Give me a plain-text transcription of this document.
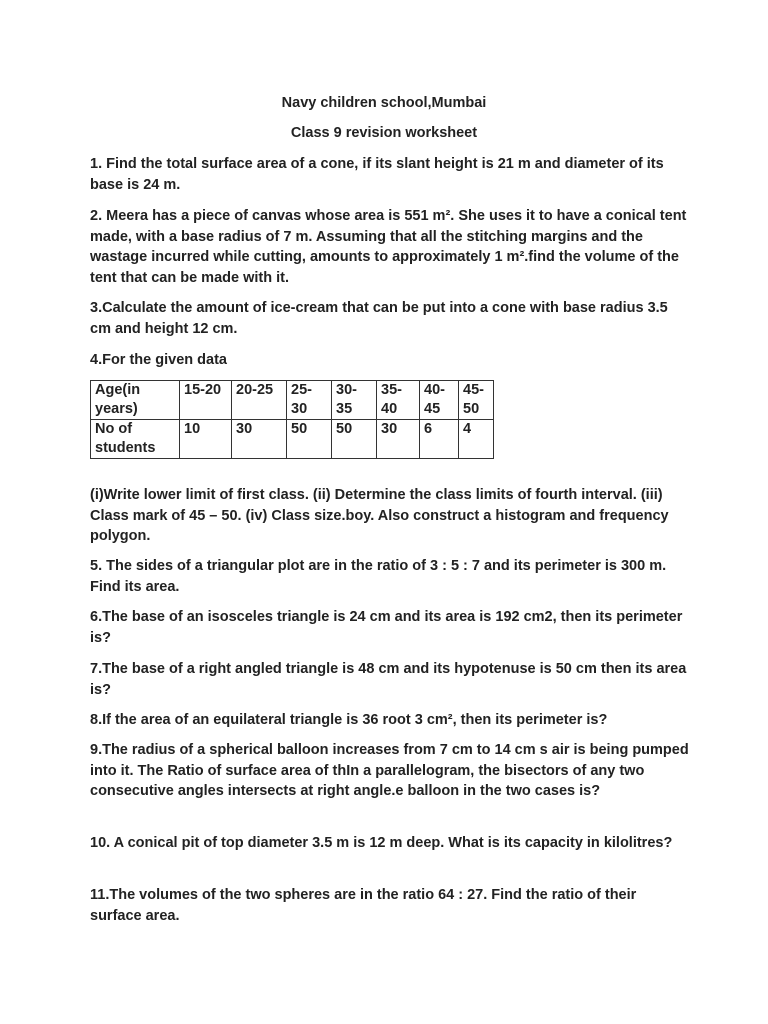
Navy children school,Mumbai
Class 9 revision worksheet

1. Find the total surface area of a cone, if its slant height is 21 m and diameter of its base is 24 m.

2. Meera has a piece of canvas whose area is 551 m². She uses it to have a conical tent made, with a base radius of 7 m. Assuming that all the stitching margins and the wastage incurred while cutting, amounts to approximately 1 m².find the volume of the tent that can be made with it.

3.Calculate the amount of ice-cream that can be put into a cone with base radius 3.5 cm and height 12 cm.

4.For the given data

Age(in years)	15-20	20-25	25-30	30-35	35-40	40-45	45-50
No of students	10	30	50	50	30	6	4

(i)Write lower limit of first class. (ii) Determine the class limits of fourth interval. (iii) Class mark of 45 – 50. (iv) Class size.boy. Also construct a histogram and frequency polygon.

5. The sides of a triangular plot are in the ratio of 3 : 5 : 7 and its perimeter is 300 m. Find its area.

6.The base of an isosceles triangle is 24 cm and its area is 192 cm2, then its perimeter is?

7.The base of a right angled triangle is 48 cm and its hypotenuse is 50 cm then its area is?

8.If the area of an equilateral triangle is 36 root 3 cm², then its perimeter is?

9.The radius of a spherical balloon increases from 7 cm to 14 cm s air is being pumped into it. The Ratio of surface area of thIn a parallelogram, the bisectors of any two consecutive angles intersects at right angle.e balloon in the two cases is?

10. A conical pit of top diameter 3.5 m is 12 m deep. What is its capacity in kilolitres?

11.The volumes of the two spheres are in the ratio 64 : 27. Find the ratio of their surface area.
